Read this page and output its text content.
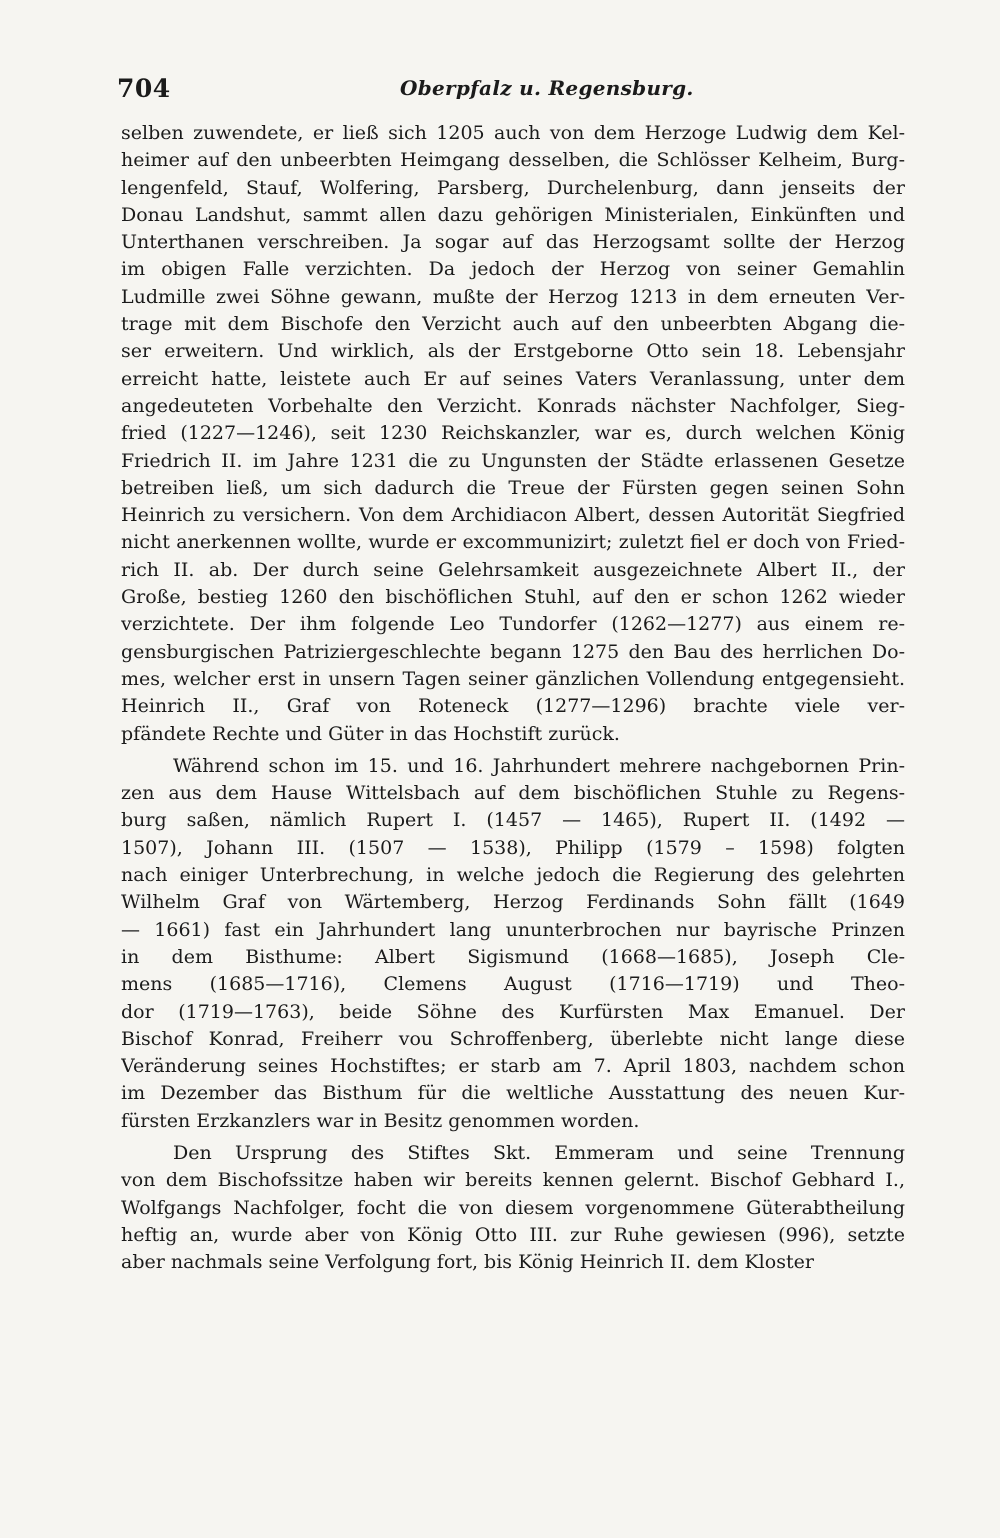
704	Oberpfalz u. Regensburg.
selben zuwendete, er ließ sich 1205 auch von dem Herzoge Ludwig dem Kel-
heimer auf den unbeerbten Heimgang desselben, die Schlösser Kelheim, Burg-
lengenfeld, Stauf, Wolfering, Parsberg, Durchelenburg, dann jenseits der
Donau Landshut, sammt allen dazu gehörigen Ministerialen, Einkünften und
Unterthanen verschreiben. Ja sogar auf das Herzogsamt sollte der Herzog
im obigen Falle verzichten. Da jedoch der Herzog von seiner Gemahlin
Ludmille zwei Söhne gewann, mußte der Herzog 1213 in dem erneuten Ver-
trage mit dem Bischofe den Verzicht auch auf den unbeerbten Abgang die-
ser erweitern. Und wirklich, als der Erstgeborne Otto sein 18. Lebensjahr
erreicht hatte, leistete auch Er auf seines Vaters Veranlassung, unter dem
angedeuteten Vorbehalte den Verzicht. Konrads nächster Nachfolger, Sieg-
fried (1227—1246), seit 1230 Reichskanzler, war es, durch welchen König
Friedrich II. im Jahre 1231 die zu Ungunsten der Städte erlassenen Gesetze
betreiben ließ, um sich dadurch die Treue der Fürsten gegen seinen Sohn
Heinrich zu versichern. Von dem Archidiacon Albert, dessen Autorität Siegfried
nicht anerkennen wollte, wurde er excommunizirt; zuletzt fiel er doch von Fried-
rich II. ab. Der durch seine Gelehrsamkeit ausgezeichnete Albert II., der
Große, bestieg 1260 den bischöflichen Stuhl, auf den er schon 1262 wieder
verzichtete. Der ihm folgende Leo Tundorfer (1262—1277) aus einem re-
gensburgischen Patriziergeschlechte begann 1275 den Bau des herrlichen Do-
mes, welcher erst in unsern Tagen seiner gänzlichen Vollendung entgegensieht.
Heinrich II., Graf von Roteneck (1277—1296) brachte viele ver-
pfändete Rechte und Güter in das Hochstift zurück.
Während schon im 15. und 16. Jahrhundert mehrere nachgebornen Prin-
zen aus dem Hause Wittelsbach auf dem bischöflichen Stuhle zu Regens-
burg saßen, nämlich Rupert I. (1457 — 1465), Rupert II. (1492 —
1507), Johann III. (1507 — 1538), Philipp (1579 – 1598) folgten
nach einiger Unterbrechung, in welche jedoch die Regierung des gelehrten
Wilhelm Graf von Wärtemberg, Herzog Ferdinands Sohn fällt (1649
— 1661) fast ein Jahrhundert lang ununterbrochen nur bayrische Prinzen
in dem Bisthume: Albert Sigismund (1668—1685), Joseph Cle-
mens (1685—1716), Clemens August (1716—1719) und Theo-
dor (1719—1763), beide Söhne des Kurfürsten Max Emanuel. Der
Bischof Konrad, Freiherr vou Schroffenberg, überlebte nicht lange diese
Veränderung seines Hochstiftes; er starb am 7. April 1803, nachdem schon
im Dezember das Bisthum für die weltliche Ausstattung des neuen Kur-
fürsten Erzkanzlers war in Besitz genommen worden.
Den Ursprung des Stiftes Skt. Emmeram und seine Trennung
von dem Bischofssitze haben wir bereits kennen gelernt. Bischof Gebhard I.,
Wolfgangs Nachfolger, focht die von diesem vorgenommene Güterabtheilung
heftig an, wurde aber von König Otto III. zur Ruhe gewiesen (996), setzte
aber nachmals seine Verfolgung fort, bis König Heinrich II. dem Kloster
